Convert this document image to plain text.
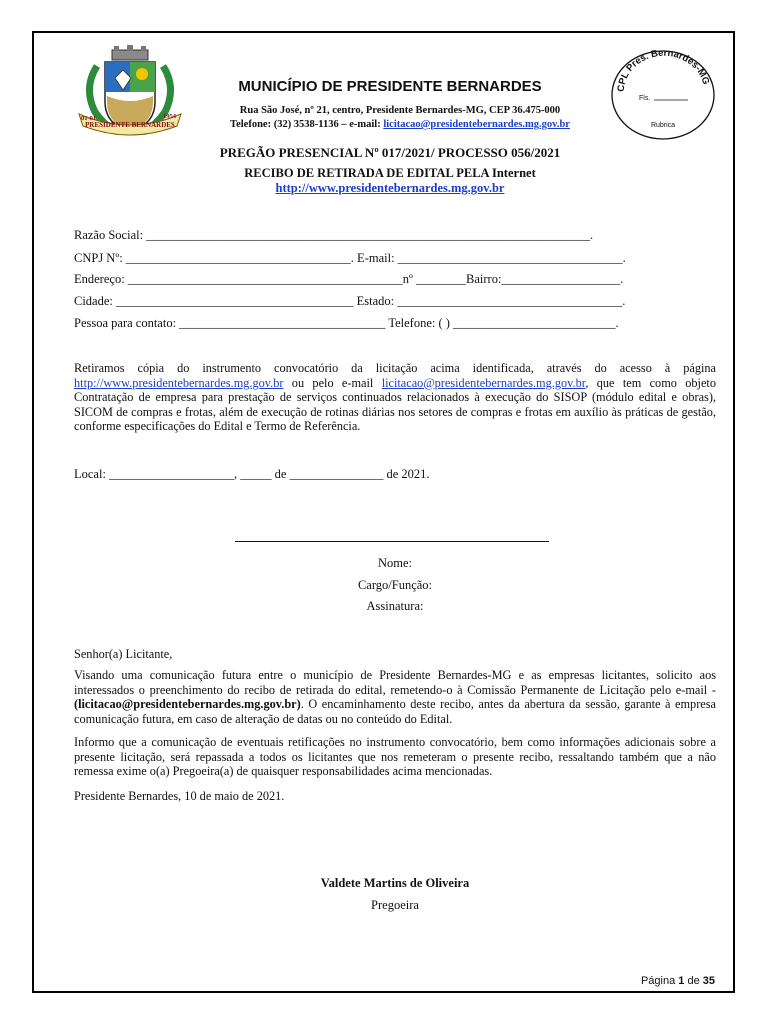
PRESIDENTE BERNARDES
01-01	1954
MUNICÍPIO DE PRESIDENTE BERNARDES
Rua São José, nº 21, centro, Presidente Bernardes-MG, CEP 36.475-000
Telefone: (32) 3538-1136 – e-mail: licitacao@presidentebernardes.mg.gov.br
CPL Pres. Bernardes-MG
Fls.
Rubrica
PREGÃO PRESENCIAL Nº 017/2021/ PROCESSO 056/2021
RECIBO DE RETIRADA DE EDITAL PELA Internet
http://www.presidentebernardes.mg.gov.br
Razão Social: _______________________________________________________________________.
CNPJ Nº: ____________________________________. E-mail: ____________________________________.
Endereço: ____________________________________________nº ________Bairro:___________________.
Cidade: ______________________________________ Estado: ____________________________________.
Pessoa para contato: _________________________________ Telefone: ( ) __________________________.
Retiramos cópia do instrumento convocatório da licitação acima identificada, através do acesso à página http://www.presidentebernardes.mg.gov.br ou pelo e-mail licitacao@presidentebernardes.mg.gov.br, que tem como objeto Contratação de empresa para prestação de serviços continuados relacionados à execução do SISOP (módulo edital e obras), SICOM de compras e frotas, além de execução de rotinas diárias nos setores de compras e frotas em auxílio às práticas de gestão, conforme especificações do Edital e Termo de Referência.
Local: ____________________, _____ de _______________ de 2021.
Nome:
Cargo/Função:
Assinatura:
Senhor(a) Licitante,
Visando uma comunicação futura entre o município de Presidente Bernardes-MG e as empresas licitantes, solicito aos interessados o preenchimento do recibo de retirada do edital, remetendo-o à Comissão Permanente de Licitação pelo e-mail - (licitacao@presidentebernardes.mg.gov.br). O encaminhamento deste recibo, antes da abertura da sessão, garante à empresa comunicação futura, em caso de alteração de datas ou no conteúdo do Edital.
Informo que a comunicação de eventuais retificações no instrumento convocatório, bem como informações adicionais sobre a presente licitação, será repassada a todos os licitantes que nos remeteram o presente recibo, ressaltando também que a não remessa exime o(a) Pregoeira(a) de quaisquer responsabilidades acima mencionadas.
Presidente Bernardes, 10 de maio de 2021.
Valdete Martins de Oliveira
Pregoeira
Página 1 de 35
